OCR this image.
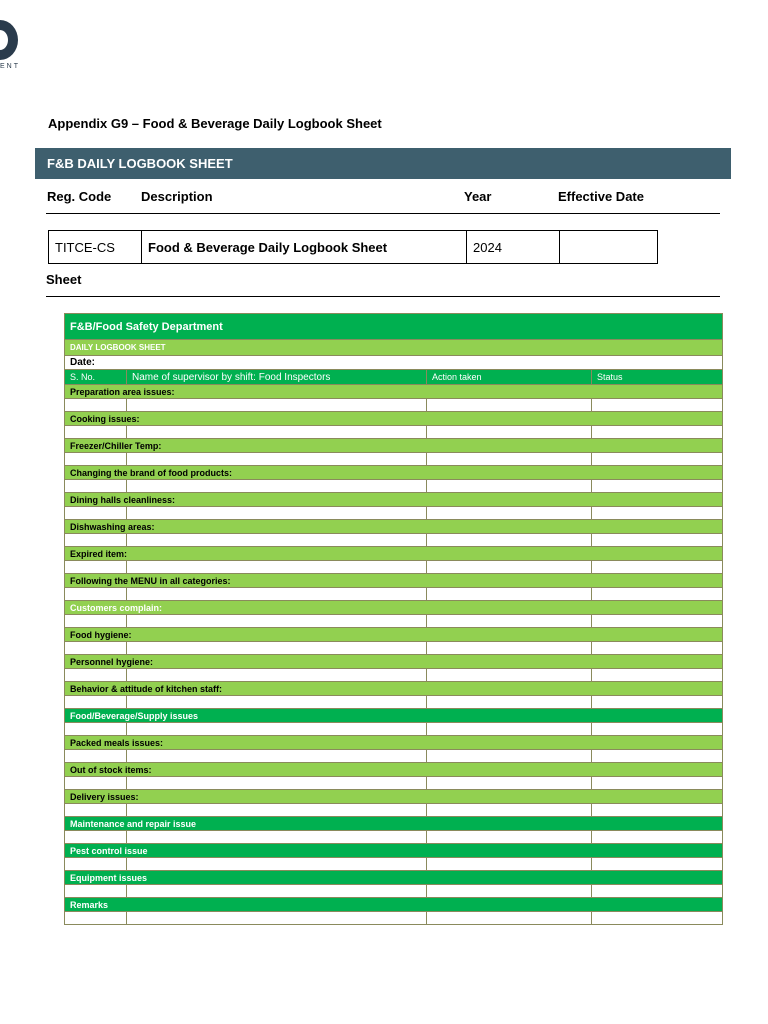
ENT
Appendix G9 – Food & Beverage Daily Logbook Sheet
F&B DAILY LOGBOOK SHEET
Reg. Code Description	Year	Effective Date
TITCE-CS	Food & Beverage Daily Logbook Sheet	2024	
Sheet
F&B/Food Safety Department			
DAILY LOGBOOK SHEET			
Date:			
S. No.	Name of supervisor by shift: Food Inspectors	Action taken	Status
Preparation area issues:			

Cooking issues:			

Freezer/Chiller Temp:			

Changing the brand of food products:			

Dining halls cleanliness:			

Dishwashing areas:			

Expired item:			

Following the MENU in all categories:			

Customers complain:			

Food hygiene:			

Personnel hygiene:			

Behavior & attitude of kitchen staff:			

Food/Beverage/Supply issues			

Packed meals issues:			

Out of stock items:			

Delivery issues:			

Maintenance and repair issue			

Pest control issue			

Equipment issues			

Remarks			
